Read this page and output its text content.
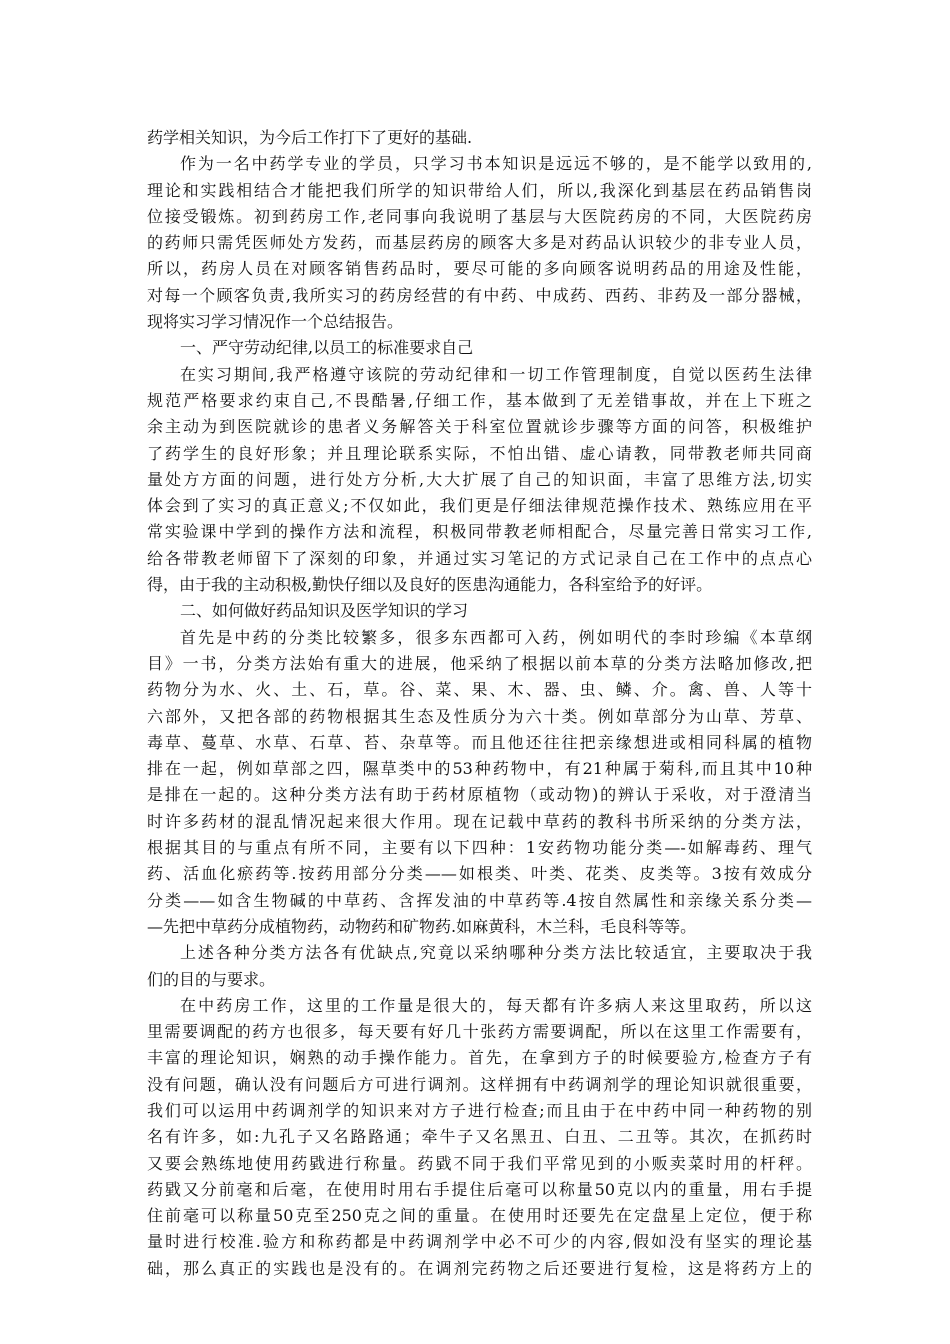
药学相关知识，为今后工作打下了更好的基础.
作为一名中药学专业的学员，只学习书本知识是远远不够的，是不能学以致用的,
理论和实践相结合才能把我们所学的知识带给人们，所以,我深化到基层在药品销售岗
位接受锻炼。初到药房工作,老同事向我说明了基层与大医院药房的不同，大医院药房
的药师只需凭医师处方发药，而基层药房的顾客大多是对药品认识较少的非专业人员，
所以，药房人员在对顾客销售药品时，要尽可能的多向顾客说明药品的用途及性能，
对每一个顾客负责,我所实习的药房经营的有中药、中成药、西药、非药及一部分器械，
现将实习学习情况作一个总结报告。
一、严守劳动纪律,以员工的标准要求自己
在实习期间,我严格遵守该院的劳动纪律和一切工作管理制度，自觉以医药生法律
规范严格要求约束自己,不畏酷暑,仔细工作，基本做到了无差错事故，并在上下班之
余主动为到医院就诊的患者义务解答关于科室位置就诊步骤等方面的问答，积极维护
了药学生的良好形象；并且理论联系实际，不怕出错、虚心请教，同带教老师共同商
量处方方面的问题，进行处方分析,大大扩展了自己的知识面，丰富了思维方法,切实
体会到了实习的真正意义;不仅如此，我们更是仔细法律规范操作技术、熟练应用在平
常实验课中学到的操作方法和流程，积极同带教老师相配合，尽量完善日常实习工作,
给各带教老师留下了深刻的印象，并通过实习笔记的方式记录自己在工作中的点点心
得，由于我的主动积极,勤快仔细以及良好的医患沟通能力，各科室给予的好评。
二、如何做好药品知识及医学知识的学习
首先是中药的分类比较繁多，很多东西都可入药，例如明代的李时珍编《本草纲
目》一书，分类方法始有重大的进展，他采纳了根据以前本草的分类方法略加修改,把
药物分为水、火、土、石，草。谷、菜、果、木、器、虫、鳞、介。禽、兽、人等十
六部外，又把各部的药物根据其生态及性质分为六十类。例如草部分为山草、芳草、
毒草、蔓草、水草、石草、苔、杂草等。而且他还往往把亲缘想进或相同科属的植物
排在一起，例如草部之四，隰草类中的53种药物中，有21种属于菊科,而且其中10种
是排在一起的。这种分类方法有助于药材原植物（或动物)的辨认于采收，对于澄清当
时许多药材的混乱情况起来很大作用。现在记载中草药的教科书所采纳的分类方法，
根据其目的与重点有所不同，主要有以下四种：1安药物功能分类—-如解毒药、理气
药、活血化瘀药等.按药用部分分类——如根类、叶类、花类、皮类等。3按有效成分
分类——如含生物碱的中草药、含挥发油的中草药等.4按自然属性和亲缘关系分类—
—先把中草药分成植物药，动物药和矿物药.如麻黄科，木兰科，毛良科等等。
上述各种分类方法各有优缺点,究竟以采纳哪种分类方法比较适宜，主要取决于我
们的目的与要求。
在中药房工作，这里的工作量是很大的，每天都有许多病人来这里取药，所以这
里需要调配的药方也很多，每天要有好几十张药方需要调配，所以在这里工作需要有，
丰富的理论知识，娴熟的动手操作能力。首先，在拿到方子的时候要验方,检查方子有
没有问题，确认没有问题后方可进行调剂。这样拥有中药调剂学的理论知识就很重要，
我们可以运用中药调剂学的知识来对方子进行检查;而且由于在中药中同一种药物的别
名有许多，如:九孔子又名路路通；牵牛子又名黑丑、白丑、二丑等。其次，在抓药时
又要会熟练地使用药戥进行称量。药戥不同于我们平常见到的小贩卖菜时用的杆秤。
药戥又分前毫和后毫，在使用时用右手提住后毫可以称量50克以内的重量，用右手提
住前毫可以称量50克至250克之间的重量。在使用时还要先在定盘星上定位，便于称
量时进行校准.验方和称药都是中药调剂学中必不可少的内容,假如没有坚实的理论基
础，那么真正的实践也是没有的。在调剂完药物之后还要进行复检，这是将药方上的
